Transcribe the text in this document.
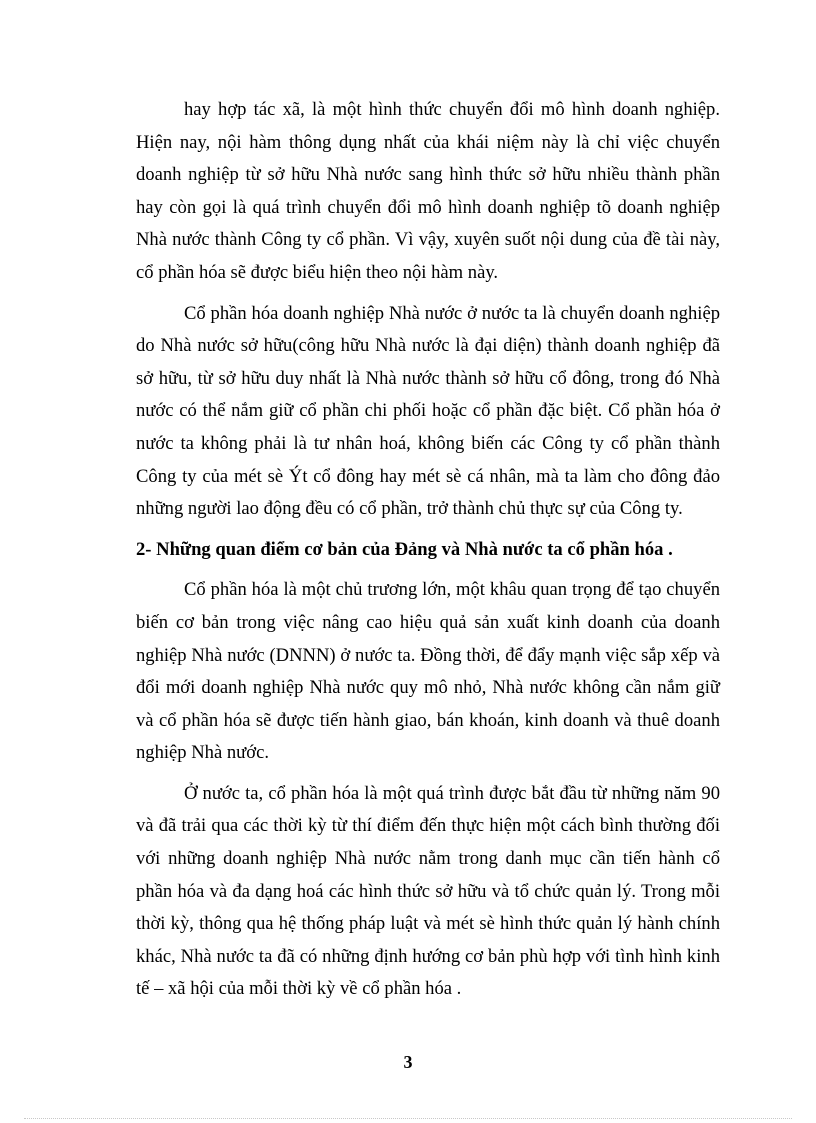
hay hợp tác xã, là một hình thức chuyển đổi mô hình doanh nghiệp. Hiện nay, nội hàm thông dụng nhất của khái niệm này là chỉ việc chuyển doanh nghiệp từ sở hữu Nhà nước sang hình thức sở hữu nhiều thành phần hay còn gọi là quá trình chuyển đổi mô hình doanh nghiệp tõ doanh nghiệp Nhà nước thành Công ty cổ phần. Vì vậy, xuyên suốt nội dung của đề tài này, cổ phần hóa sẽ được biểu hiện theo nội hàm này.

Cổ phần hóa doanh nghiệp Nhà nước ở nước ta là chuyển doanh nghiệp do Nhà nước sở hữu(công hữu Nhà nước là đại diện) thành doanh nghiệp đã sở hữu, từ sở hữu duy nhất là Nhà nước thành sở hữu cổ đông, trong đó Nhà nước có thể nắm giữ cổ phần chi phối hoặc cổ phần đặc biệt. Cổ phần hóa ở nước ta không phải là tư nhân hoá, không biến các Công ty cổ phần thành Công ty của mét sè Ýt cổ đông hay mét sè cá nhân, mà ta làm cho đông đảo những người lao động đều có cổ phần, trở thành chủ thực sự của Công ty.

2- Những quan điểm cơ bản của Đảng và Nhà nước ta cổ phần hóa .

Cổ phần hóa là một chủ trương lớn, một khâu quan trọng để tạo chuyển biến cơ bản trong việc nâng cao hiệu quả sản xuất kinh doanh của doanh nghiệp Nhà nước (DNNN) ở nước ta. Đồng thời, để đẩy mạnh việc sắp xếp và đổi mới doanh nghiệp Nhà nước quy mô nhỏ, Nhà nước không cần nắm giữ và cổ phần hóa sẽ được tiến hành giao, bán khoán, kinh doanh và thuê doanh nghiệp Nhà nước.

Ở nước ta, cổ phần hóa là một quá trình được bắt đầu từ những năm 90 và đã trải qua các thời kỳ từ thí điểm đến thực hiện một cách bình thường đối với những doanh nghiệp Nhà nước nằm trong danh mục cần tiến hành cổ phần hóa và đa dạng hoá các hình thức sở hữu và tổ chức quản lý. Trong mỗi thời kỳ, thông qua hệ thống pháp luật và mét sè hình thức quản lý hành chính khác, Nhà nước ta đã có những định hướng cơ bản phù hợp với tình hình kinh tế – xã hội của mỗi thời kỳ về cổ phần hóa .

3
